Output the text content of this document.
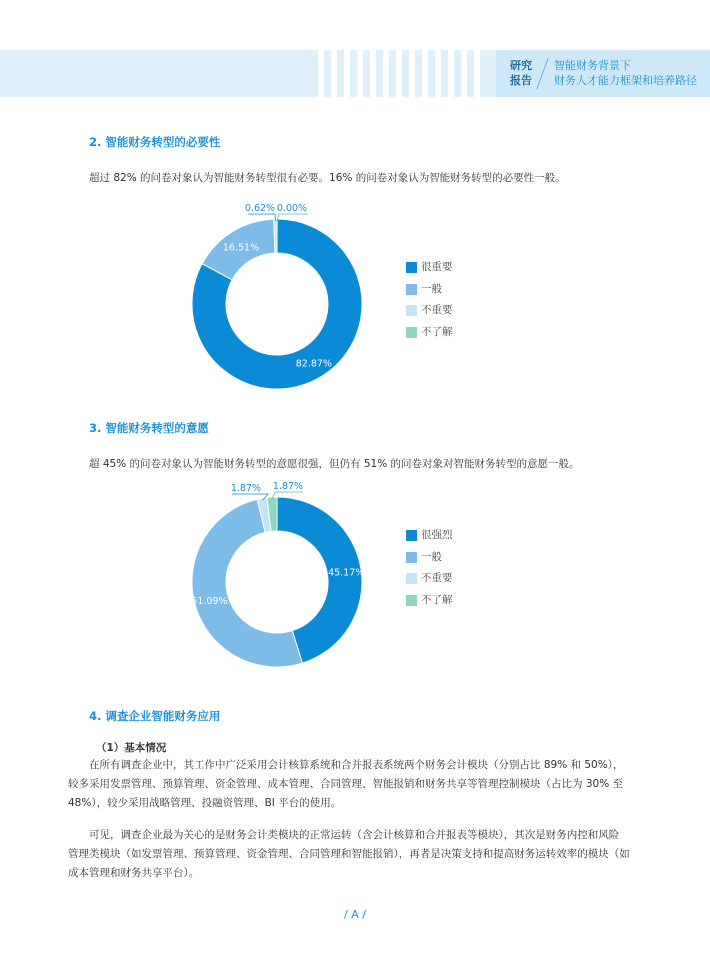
研究
报告
智能财务背景下
财务人才能力框架和培养路径
2. 智能财务转型的必要性
超过 82% 的问卷对象认为智能财务转型很有必要。16% 的问卷对象认为智能财务转型的必要性一般。
82.87%
16.51%
0.62% 0.00%
很重要
一般
不重要
不了解
3. 智能财务转型的意愿
超 45% 的问卷对象认为智能财务转型的意愿很强，但仍有 51% 的问卷对象对智能财务转型的意愿一般。
45.17%
51.09%
1.87% 1.87%
很强烈
一般
不重要
不了解
4. 调查企业智能财务应用
（1）基本情况

在所有调查企业中，其工作中广泛采用会计核算系统和合并报表系统两个财务会计模块（分别占比 89% 和 50%），

较多采用发票管理、预算管理、资金管理、成本管理、合同管理、智能报销和财务共享等管理控制模块（占比为 30% 至

48%），较少采用战略管理、投融资管理、BI 平台的使用。

可见，调查企业最为关心的是财务会计类模块的正常运转（含会计核算和合并报表等模块），其次是财务内控和风险

管理类模块（如发票管理、预算管理、资金管理、合同管理和智能报销），再者是决策支持和提高财务运转效率的模块（如

成本管理和财务共享平台）。

/ A /
